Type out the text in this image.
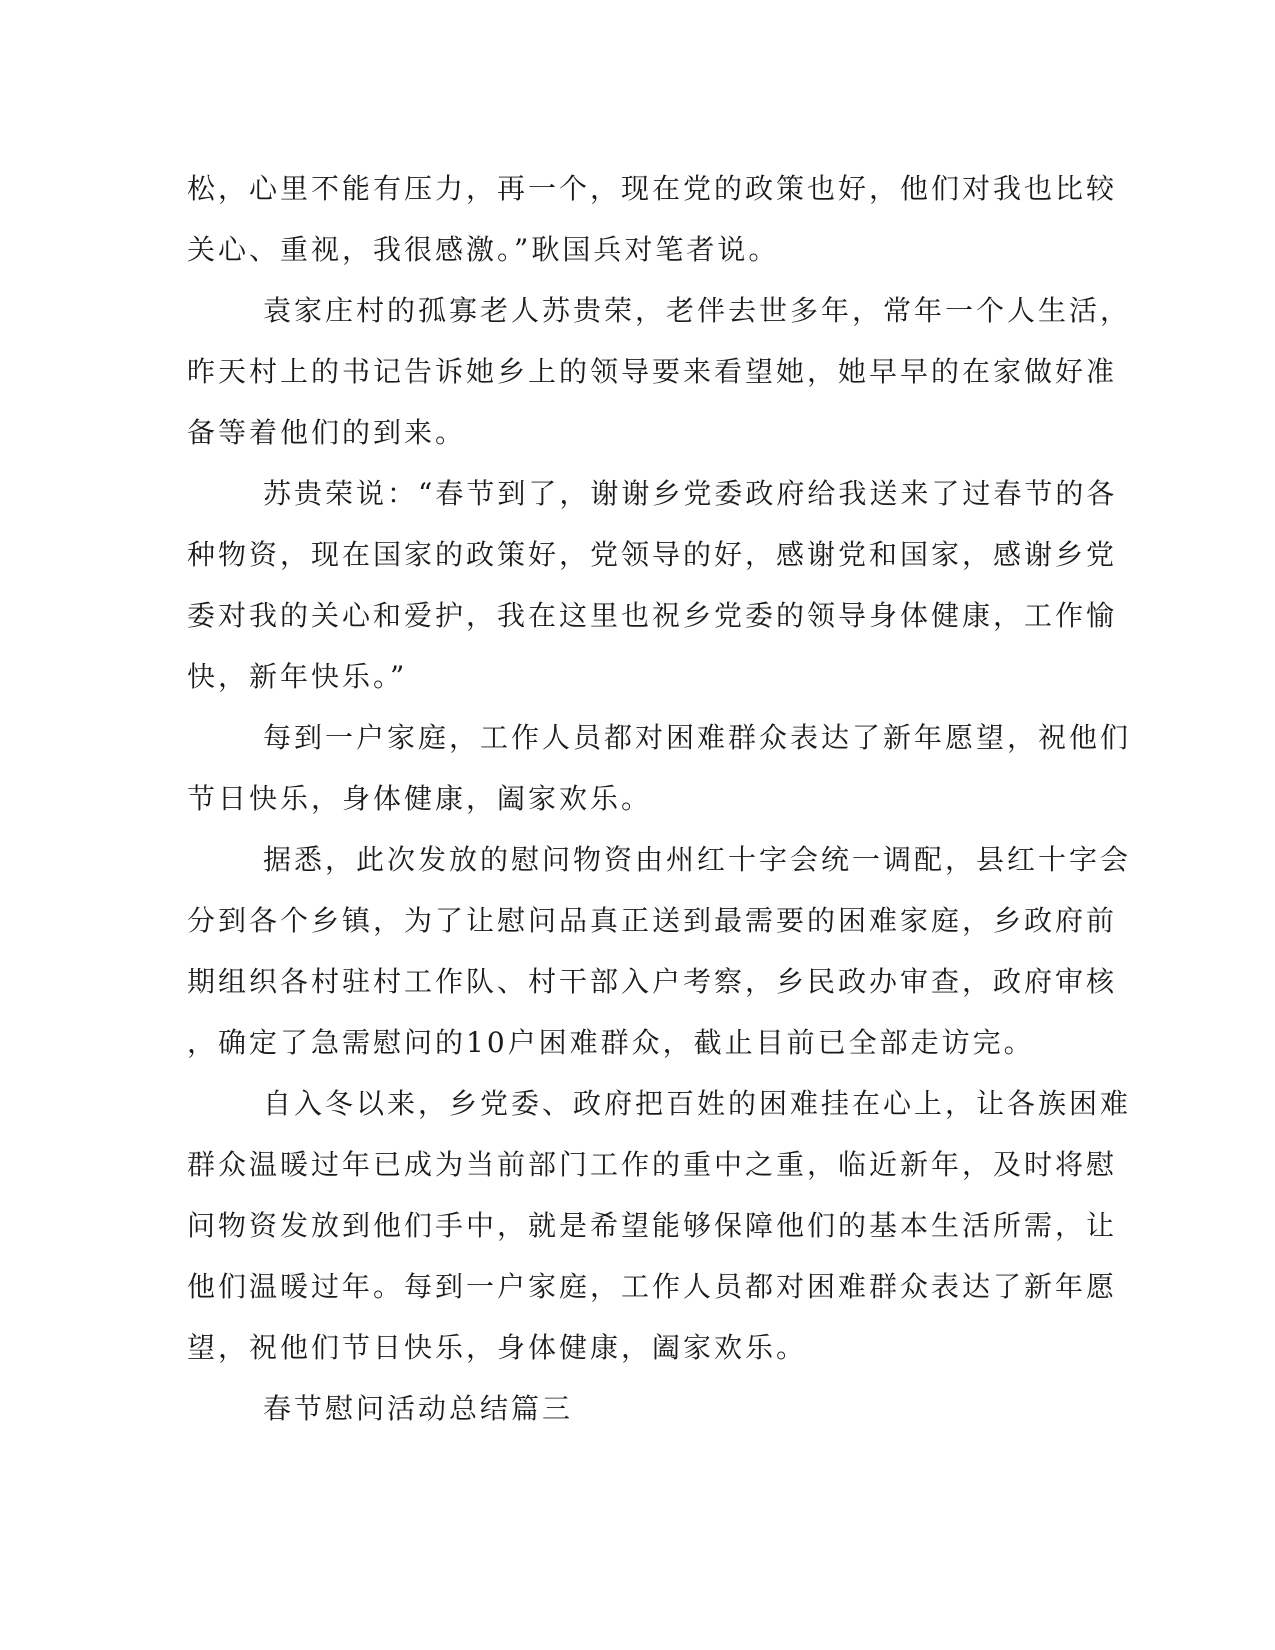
松，心里不能有压力，再一个，现在党的政策也好，他们对我也比较
关心、重视，我很感激。”耿国兵对笔者说。
袁家庄村的孤寡老人苏贵荣，老伴去世多年，常年一个人生活，
昨天村上的书记告诉她乡上的领导要来看望她，她早早的在家做好准
备等着他们的到来。
苏贵荣说：“春节到了，谢谢乡党委政府给我送来了过春节的各
种物资，现在国家的政策好，党领导的好，感谢党和国家，感谢乡党
委对我的关心和爱护，我在这里也祝乡党委的领导身体健康，工作愉
快，新年快乐。”
每到一户家庭，工作人员都对困难群众表达了新年愿望，祝他们
节日快乐，身体健康，阖家欢乐。
据悉，此次发放的慰问物资由州红十字会统一调配，县红十字会
分到各个乡镇，为了让慰问品真正送到最需要的困难家庭，乡政府前
期组织各村驻村工作队、村干部入户考察，乡民政办审查，政府审核
，确定了急需慰问的10户困难群众，截止目前已全部走访完。
自入冬以来，乡党委、政府把百姓的困难挂在心上，让各族困难
群众温暖过年已成为当前部门工作的重中之重，临近新年，及时将慰
问物资发放到他们手中，就是希望能够保障他们的基本生活所需，让
他们温暖过年。每到一户家庭，工作人员都对困难群众表达了新年愿
望，祝他们节日快乐，身体健康，阖家欢乐。
春节慰问活动总结篇三
